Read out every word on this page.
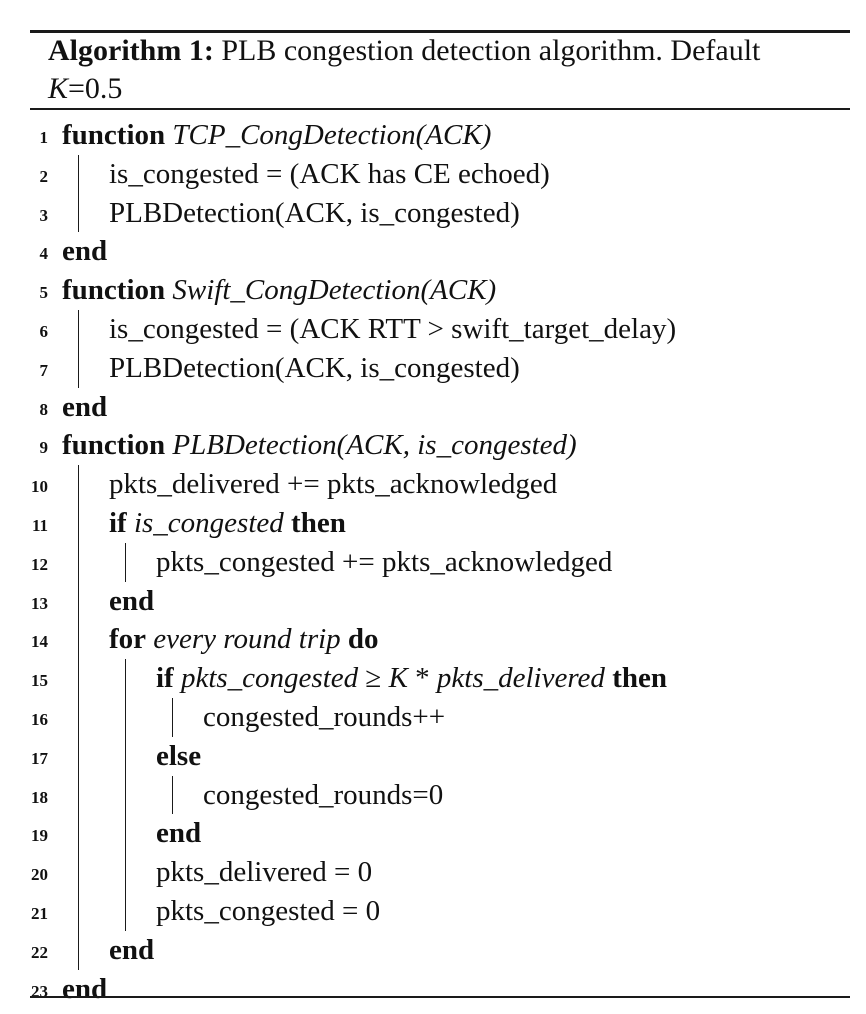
Algorithm 1: PLB congestion detection algorithm. Default
K=0.5
1 function TCP_CongDetection(ACK)
2 is_congested = (ACK has CE echoed)
3 PLBDetection(ACK, is_congested)
4 end
5 function Swift_CongDetection(ACK)
6 is_congested = (ACK RTT > swift_target_delay)
7 PLBDetection(ACK, is_congested)
8 end
9 function PLBDetection(ACK, is_congested)
10 pkts_delivered += pkts_acknowledged
11 if is_congested then
12	pkts_congested += pkts_acknowledged
13 end
14 for every round trip do
15	if pkts_congested ≥ K * pkts_delivered then
16	congested_rounds++
17	else
18	congested_rounds=0
19	end
20	pkts_delivered = 0
21	pkts_congested = 0
22 end
23 end
